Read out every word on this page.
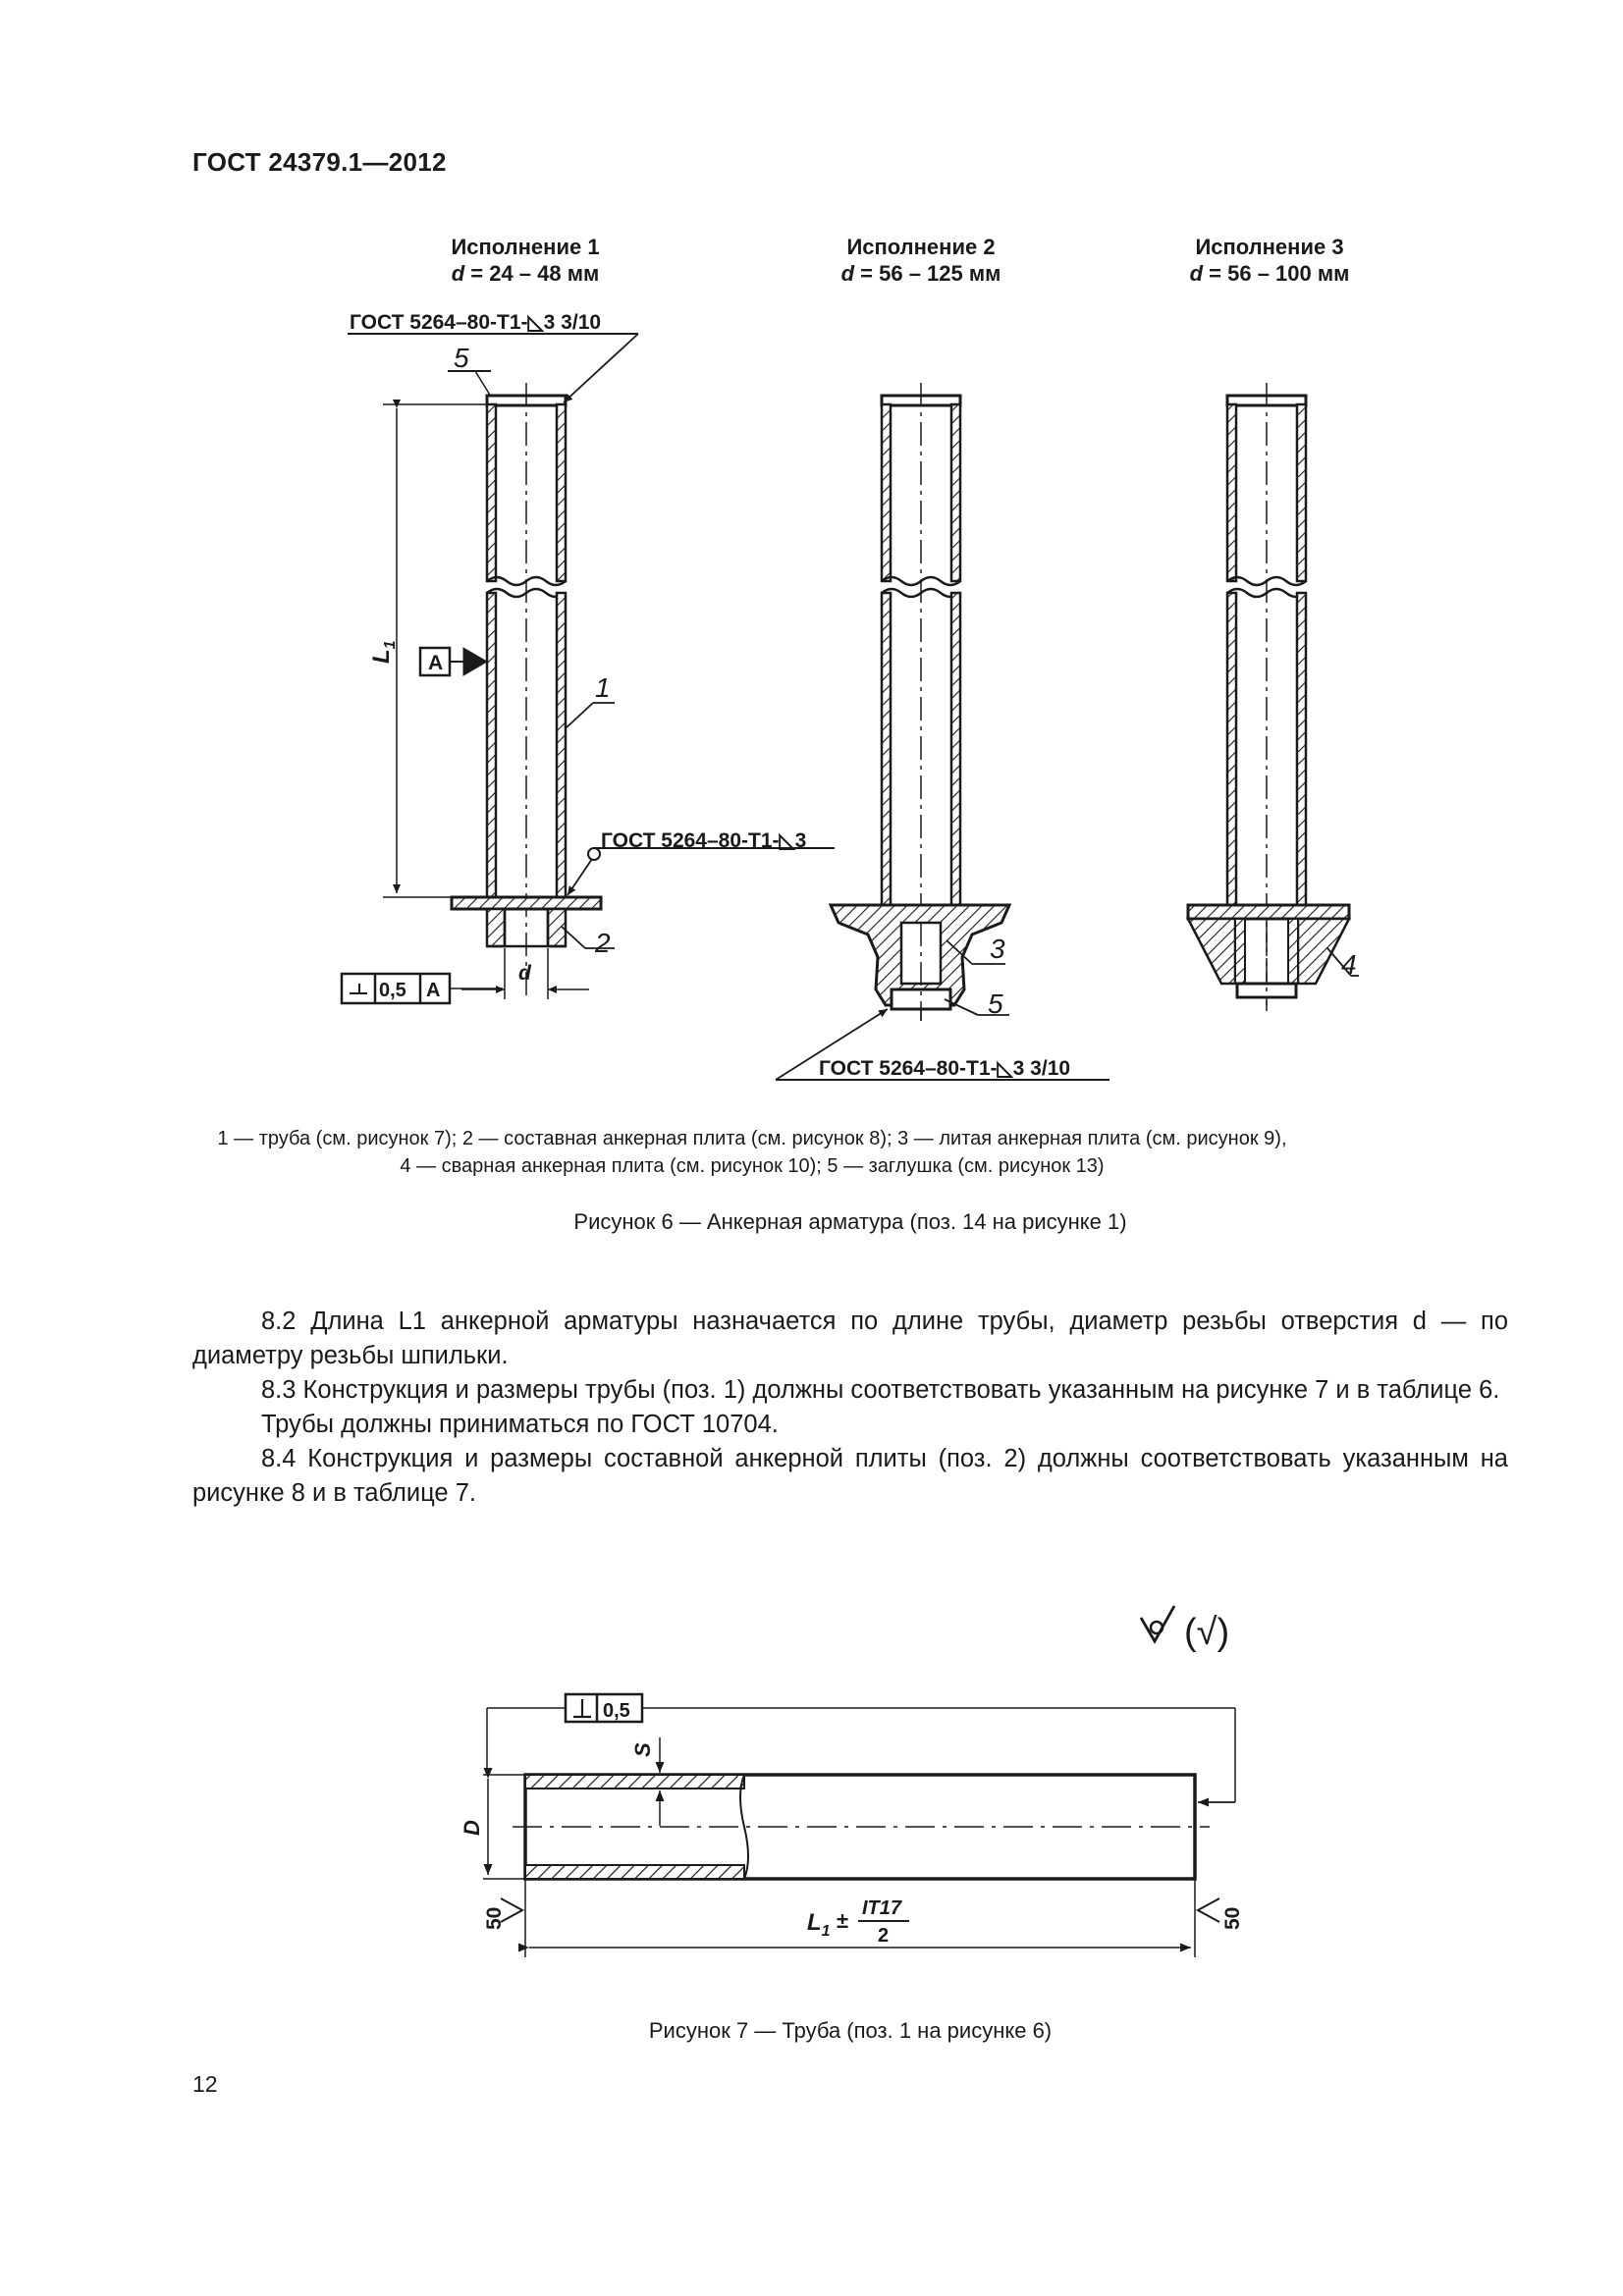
ГОСТ 24379.1—2012
Исполнение 1
d = 24 – 48 мм
Исполнение 2
d = 56 – 125 мм
Исполнение 3
d = 56 – 100 мм
ГОСТ 5264–80-Т1-◺3 3/10
ГОСТ 5264–80-Т1-◺3
ГОСТ 5264–80-Т1-◺3 3/10
$L_1$
d
A
0,5 A
1
2	3
4
5
5
1 — труба (см. рисунок 7); 2 — составная анкерная плита (см. рисунок 8); 3 — литая анкерная плита (см. рисунок 9),
4 — сварная анкерная плита (см. рисунок 10); 5 — заглушка (см. рисунок 13)
Рисунок 6 — Анкерная арматура (поз. 14 на рисунке 1)

8.2 Длина L1 анкерной арматуры назначается по длине трубы, диаметр резьбы отверстия d — по диаметру резьбы шпильки.

8.3 Конструкция и размеры трубы (поз. 1) должны соответствовать указанным на рисунке 7 и в таблице 6.

Трубы должны приниматься по ГОСТ 10704.

8.4 Конструкция и размеры составной анкерной плиты (поз. 2) должны соответствовать указанным на рисунке 8 и в таблице 7.

(√)
0,5
S
D
50	50
$L_1 \pm IT17$
2
Рисунок 7 — Труба (поз. 1 на рисунке 6)
12
